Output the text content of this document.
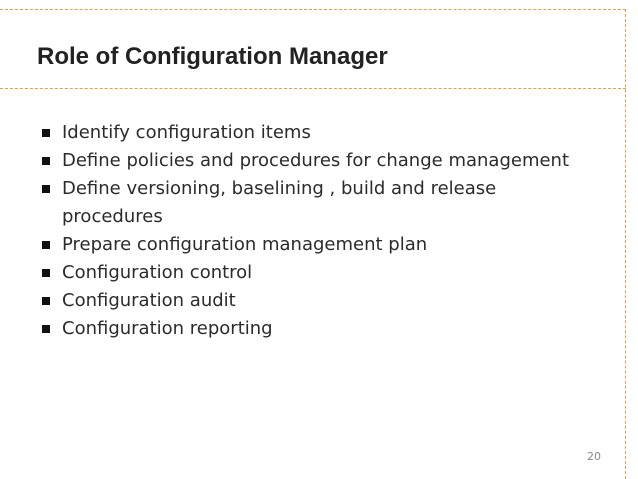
Role of Configuration Manager
Identify configuration items
Define policies and procedures for change management
Define versioning, baselining , build and release procedures
Prepare configuration management plan
Configuration control
Configuration audit
Configuration reporting
20
